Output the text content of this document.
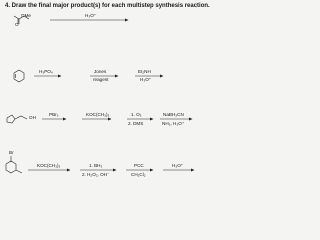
4. Draw the final major product(s) for each multistep synthesis reaction.
OMe
O
H₃O⁺
H₃PO₄	Jones
reagent
Et₂NH
H₃O⁺
OH
PBr₃	KOC(CH₃)₃	1. O₃
2. DMS
NaBH₃CN
NH₃, H₃O⁺
Br
KOC(CH₃)₃	1. BH₃
2. H₂O₂, OH⁻
PCC
CH₂Cl₂
H₃O⁺
